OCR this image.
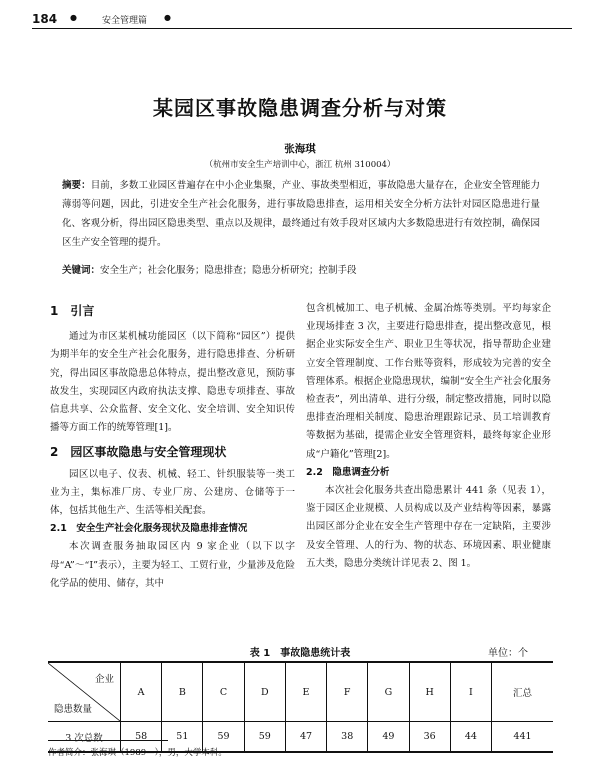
184 ●	安全管理篇 ●
某园区事故隐患调查分析与对策
张海琪
（杭州市安全生产培训中心，浙江 杭州 310004）
摘要：目前，多数工业园区普遍存在中小企业集聚，产业、事故类型相近，事故隐患大量存在，企业安全管理能力薄弱等问题，因此，引进安全生产社会化服务，进行事故隐患排查，运用相关安全分析方法针对园区隐患进行量化、客观分析，得出园区隐患类型、重点以及规律，最终通过有效手段对区域内大多数隐患进行有效控制，确保园区生产安全管理的提升。
关键词：安全生产；社会化服务；隐患排查；隐患分析研究；控制手段

1　引言

通过为市区某机械功能园区（以下简称“园区”）提供为期半年的安全生产社会化服务，进行隐患排查、分析研究，得出园区事故隐患总体特点，提出整改意见，预防事故发生，实现园区内政府执法支撑、隐患专项排查、事故信息共享、公众监督、安全文化、安全培训、安全知识传播等方面工作的统筹管理[1]。

2　园区事故隐患与安全管理现状

园区以电子、仪表、机械、轻工、针织服装等一类工业为主，集标准厂房、专业厂房、公建房、仓储等于一体，包括其他生产、生活等相关配套。

2.1　安全生产社会化服务现状及隐患排查情况

本次调查服务抽取园区内 9 家企业（以下以字母“A”～“I”表示），主要为轻工、工贸行业，少量涉及危险化学品的使用、储存，其中

包含机械加工、电子机械、金属冶炼等类别。平均每家企业现场排查 3 次，主要进行隐患排查，提出整改意见，根据企业实际安全生产、职业卫生等状况，指导帮助企业建立安全管理制度、工作台账等资料，形成较为完善的安全管理体系。根据企业隐患现状，编制“安全生产社会化服务检查表”，列出清单、进行分级，制定整改措施，同时以隐患排查治理相关制度、隐患治理跟踪记录、员工培训教育等数据为基础，提需企业安全管理资料，最终每家企业形成“户籍化”管理[2]。

2.2　隐患调查分析

本次社会化服务共查出隐患累计 441 条（见表 1），鉴于园区企业规模、人员构成以及产业结构等因素，暴露出园区部分企业在安全生产管理中存在一定缺陷，主要涉及安全管理、人的行为、物的状态、环境因素、职业健康五大类，隐患分类统计详见表 2、图 1。

表 1　事故隐患统计表	单位：个
企业
隐患数量	A	B	C	D	E	F	G	H	I	汇总
3 次总数	58	51	59	59	47	38	49	36	44	441
作者简介：张海琪（1989—），男，大学本科。
